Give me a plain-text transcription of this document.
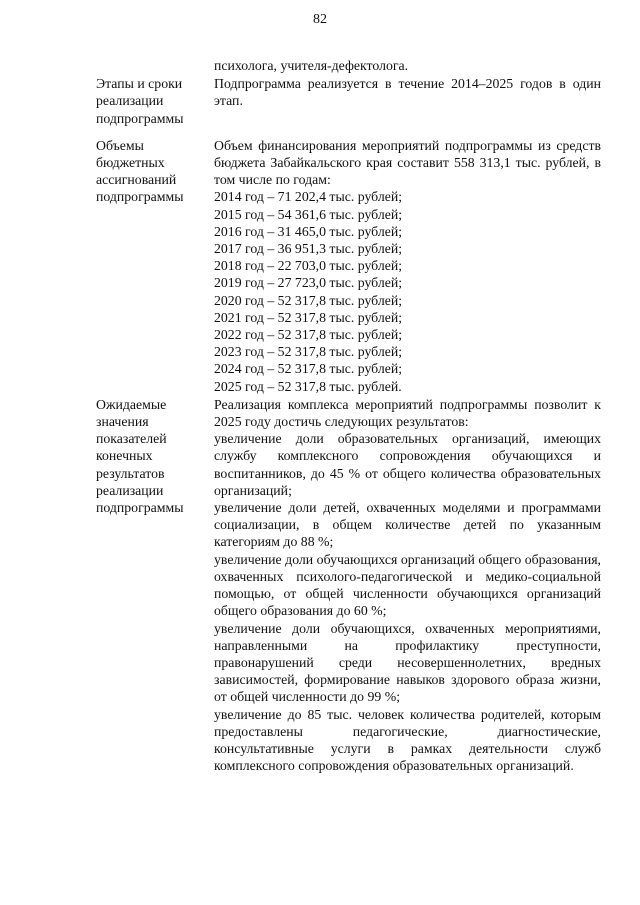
82
психолога, учителя-дефектолога.
Этапы и сроки реализации подпрограммы
Подпрограмма реализуется в течение 2014–2025 годов в один этап.
Объемы бюджетных ассигнований подпрограммы
Объем финансирования мероприятий подпрограммы из средств бюджета Забайкальского края составит 558 313,1 тыс. рублей, в том числе по годам:
2014 год – 71 202,4 тыс. рублей;
2015 год – 54 361,6 тыс. рублей;
2016 год – 31 465,0 тыс. рублей;
2017 год – 36 951,3 тыс. рублей;
2018 год – 22 703,0 тыс. рублей;
2019 год – 27 723,0 тыс. рублей;
2020 год – 52 317,8 тыс. рублей;
2021 год – 52 317,8 тыс. рублей;
2022 год – 52 317,8 тыс. рублей;
2023 год – 52 317,8 тыс. рублей;
2024 год – 52 317,8 тыс. рублей;
2025 год – 52 317,8 тыс. рублей.
Ожидаемые значения показателей конечных результатов реализации подпрограммы
Реализация комплекса мероприятий подпрограммы позволит к 2025 году достичь следующих результатов:
увеличение доли образовательных организаций, имеющих службу комплексного сопровождения обучающихся и воспитанников, до 45 % от общего количества образовательных организаций;
увеличение доли детей, охваченных моделями и программами социализации, в общем количестве детей по указанным категориям до 88 %;
увеличение доли обучающихся организаций общего образования, охваченных психолого-педагогической и медико-социальной помощью, от общей численности обучающихся организаций общего образования до 60 %;
увеличение доли обучающихся, охваченных мероприятиями, направленными на профилактику преступности, правонарушений среди несовершеннолетних, вредных зависимостей, формирование навыков здорового образа жизни, от общей численности до 99 %;
увеличение до 85 тыс. человек количества родителей, которым предоставлены педагогические, диагностические, консультативные услуги в рамках деятельности служб комплексного сопровождения образовательных организаций.
